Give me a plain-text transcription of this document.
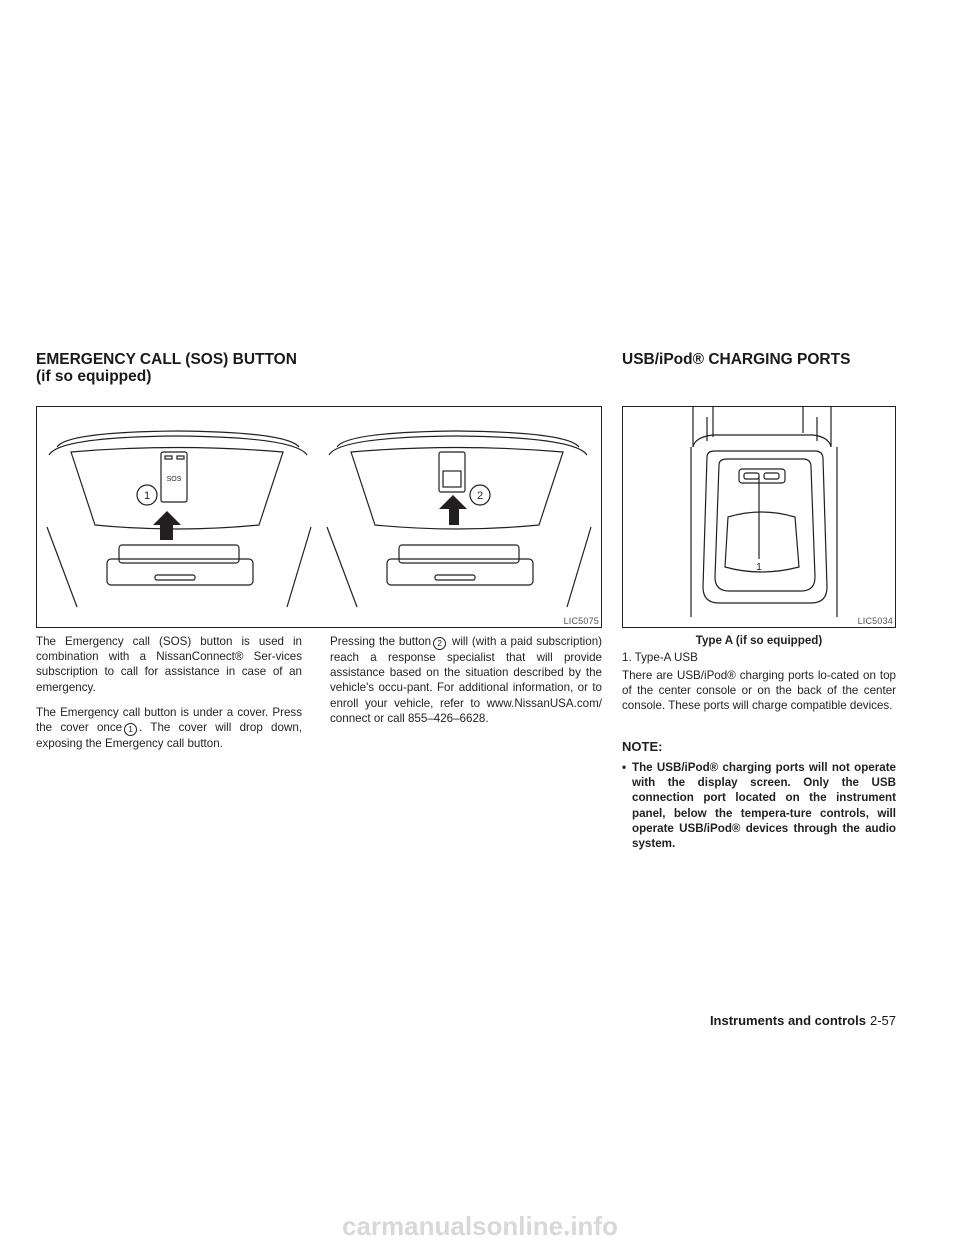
EMERGENCY CALL (SOS) BUTTON
(if so equipped)
USB/iPod® CHARGING PORTS
SOS
1	2
LIC5075
1
LIC5034

The Emergency call (SOS) button is used in combination with a NissanConnect® Ser-vices subscription to call for assistance in case of an emergency.

The Emergency call button is under a cover. Press the cover once 1 . The cover will drop down, exposing the Emergency call button.

Pressing the button 2 will (with a paid subscription) reach a response specialist that will provide assistance based on the situation described by the vehicle's occu-pant. For additional information, or to enroll your vehicle, refer to www.NissanUSA.com/ connect or call 855–426–6628.

Type A (if so equipped)
1. Type-A USB

There are USB/iPod® charging ports lo-cated on top of the center console or on the back of the center console. These ports will charge compatible devices.

NOTE:

• The USB/iPod® charging ports will not operate with the display screen. Only the USB connection port located on the instrument panel, below the tempera-ture controls, will operate USB/iPod® devices through the audio system.

Instruments and controls 2-57
carmanualsonline.info
